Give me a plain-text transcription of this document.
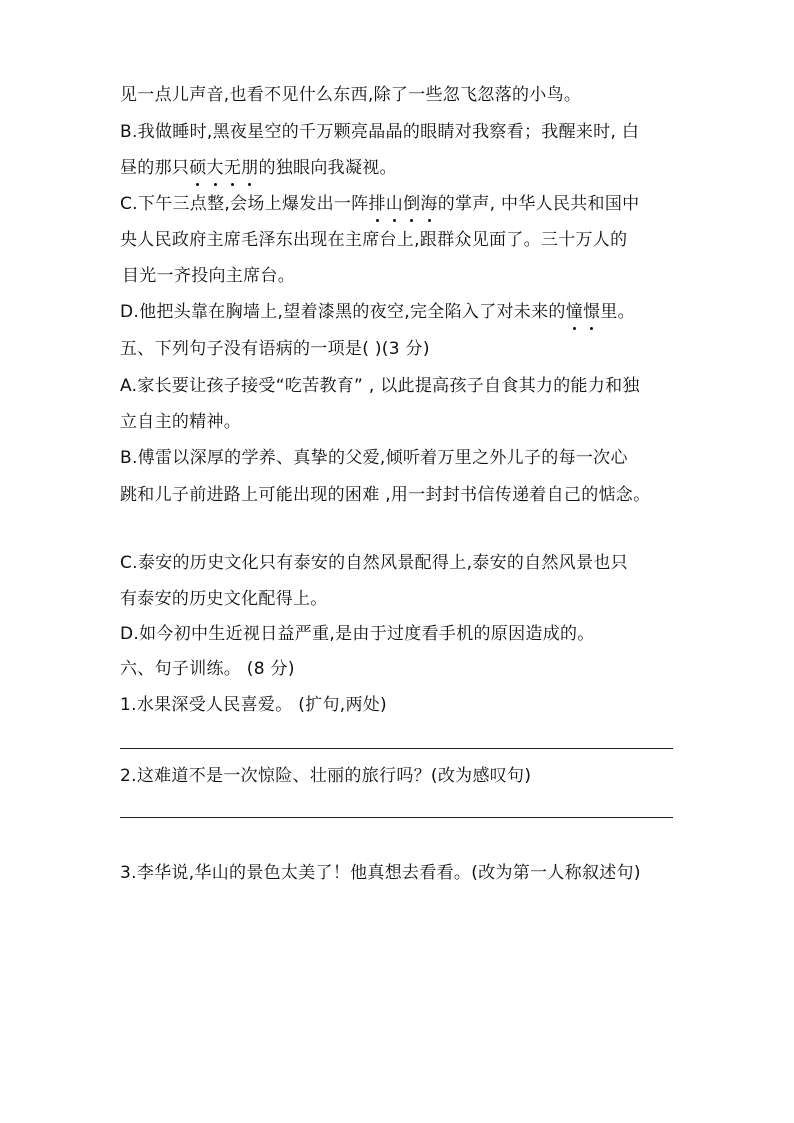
见一点儿声音,也看不见什么东西,除了一些忽飞忽落的小鸟。
B.我做睡时,黑夜星空的千万颗亮晶晶的眼睛对我察看；我醒来时, 白
昼的那只硕大无朋的独眼向我凝视。
C.下午三点整,会场上爆发出一阵排山倒海的掌声, 中华人民共和国中
央人民政府主席毛泽东出现在主席台上,跟群众见面了。三十万人的
目光一齐投向主席台。
D.他把头靠在胸墙上,望着漆黑的夜空,完全陷入了对未来的憧憬里。
五、下列句子没有语病的一项是( )(3 分)
A.家长要让孩子接受“吃苦教育” , 以此提高孩子自食其力的能力和独
立自主的精神。
B.傅雷以深厚的学养、真挚的父爱,倾听着万里之外儿子的每一次心
跳和儿子前进路上可能出现的困难 ,用一封封书信传递着自己的惦念。
C.泰安的历史文化只有泰安的自然风景配得上,泰安的自然风景也只
有泰安的历史文化配得上。
D.如今初中生近视日益严重,是由于过度看手机的原因造成的。
六、句子训练。 (8 分)
1.水果深受人民喜爱。 (扩句,两处)
2.这难道不是一次惊险、壮丽的旅行吗？(改为感叹句)
3.李华说,华山的景色太美了！他真想去看看。(改为第一人称叙述句)
